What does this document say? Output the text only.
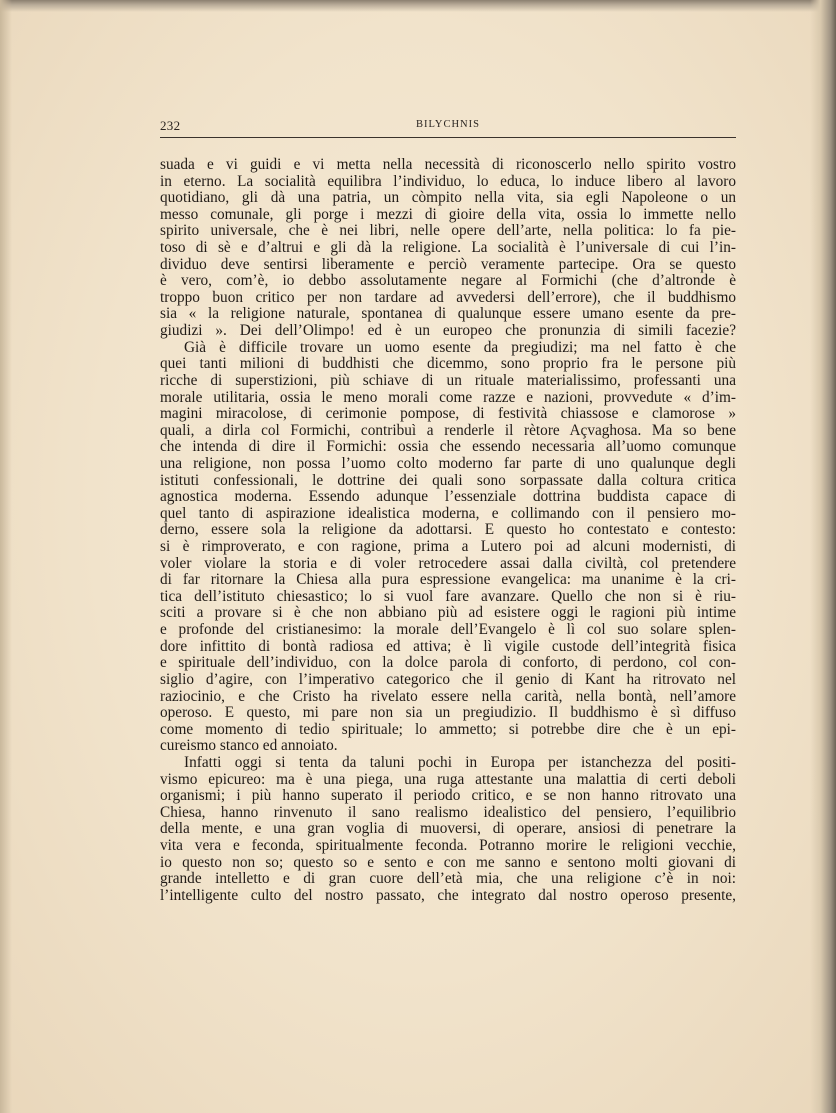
232	BILYCHNIS
suada e vi guidi e vi metta nella necessità di riconoscerlo nello spirito vostro
in eterno. La socialità equilibra l’individuo, lo educa, lo induce libero al lavoro
quotidiano, gli dà una patria, un còmpito nella vita, sia egli Napoleone o un
messo comunale, gli porge i mezzi di gioire della vita, ossia lo immette nello
spirito universale, che è nei libri, nelle opere dell’arte, nella politica: lo fa pie-
toso di sè e d’altrui e gli dà la religione. La socialità è l’universale di cui l’in-
dividuo deve sentirsi liberamente e perciò veramente partecipe. Ora se questo
è vero, com’è, io debbo assolutamente negare al Formichi (che d’altronde è
troppo buon critico per non tardare ad avvedersi dell’errore), che il buddhismo
sia « la religione naturale, spontanea di qualunque essere umano esente da pre-
giudizi ». Dei dell’Olimpo! ed è un europeo che pronunzia di simili facezie?
Già è difficile trovare un uomo esente da pregiudizi; ma nel fatto è che
quei tanti milioni di buddhisti che dicemmo, sono proprio fra le persone più
ricche di superstizioni, più schiave di un rituale materialissimo, professanti una
morale utilitaria, ossia le meno morali come razze e nazioni, provvedute « d’im-
magini miracolose, di cerimonie pompose, di festività chiassose e clamorose »
quali, a dirla col Formichi, contribuì a renderle il rètore Açvaghosa. Ma so bene
che intenda di dire il Formichi: ossia che essendo necessaria all’uomo comunque
una religione, non possa l’uomo colto moderno far parte di uno qualunque degli
istituti confessionali, le dottrine dei quali sono sorpassate dalla coltura critica
agnostica moderna. Essendo adunque l’essenziale dottrina buddista capace di
quel tanto di aspirazione idealistica moderna, e collimando con il pensiero mo-
derno, essere sola la religione da adottarsi. E questo ho contestato e contesto:
si è rimproverato, e con ragione, prima a Lutero poi ad alcuni modernisti, di
voler violare la storia e di voler retrocedere assai dalla civiltà, col pretendere
di far ritornare la Chiesa alla pura espressione evangelica: ma unanime è la cri-
tica dell’istituto chiesastico; lo si vuol fare avanzare. Quello che non si è riu-
sciti a provare si è che non abbiano più ad esistere oggi le ragioni più intime
e profonde del cristianesimo: la morale dell’Evangelo è lì col suo solare splen-
dore infittito di bontà radiosa ed attiva; è lì vigile custode dell’integrità fisica
e spirituale dell’individuo, con la dolce parola di conforto, di perdono, col con-
siglio d’agire, con l’imperativo categorico che il genio di Kant ha ritrovato nel
raziocinio, e che Cristo ha rivelato essere nella carità, nella bontà, nell’amore
operoso. E questo, mi pare non sia un pregiudizio. Il buddhismo è sì diffuso
come momento di tedio spirituale; lo ammetto; si potrebbe dire che è un epi-
cureismo stanco ed annoiato.
Infatti oggi si tenta da taluni pochi in Europa per istanchezza del positi-
vismo epicureo: ma è una piega, una ruga attestante una malattia di certi deboli
organismi; i più hanno superato il periodo critico, e se non hanno ritrovato una
Chiesa, hanno rinvenuto il sano realismo idealistico del pensiero, l’equilibrio
della mente, e una gran voglia di muoversi, di operare, ansiosi di penetrare la
vita vera e feconda, spiritualmente feconda. Potranno morire le religioni vecchie,
io questo non so; questo so e sento e con me sanno e sentono molti giovani di
grande intelletto e di gran cuore dell’età mia, che una religione c’è in noi:
l’intelligente culto del nostro passato, che integrato dal nostro operoso presente,
